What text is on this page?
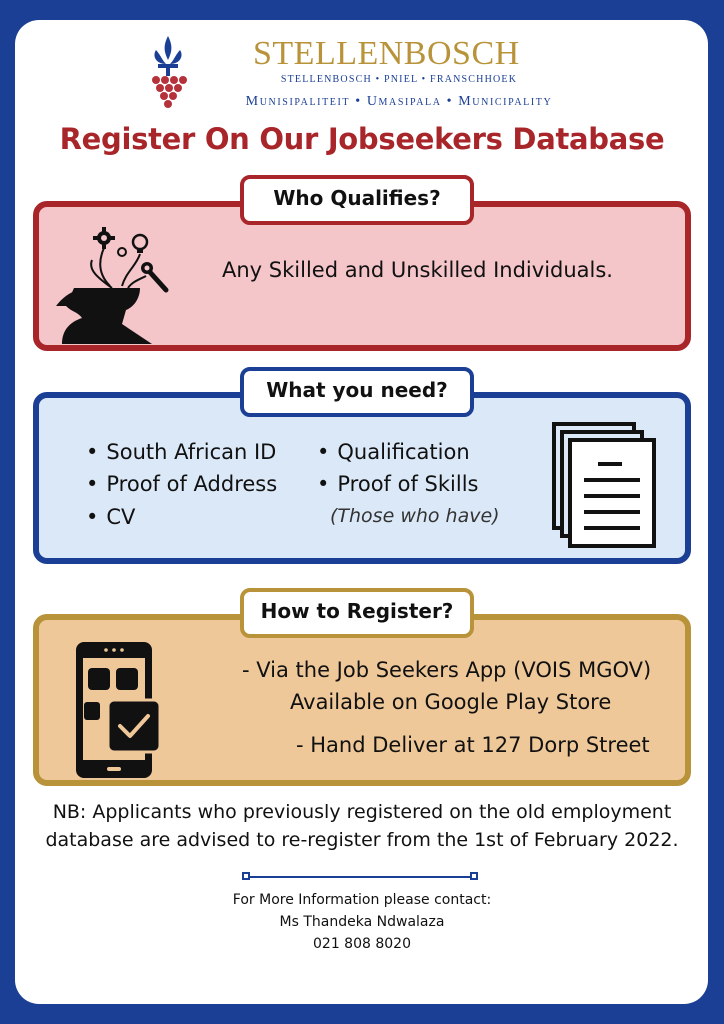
STELLENBOSCH
STELLENBOSCH • PNIEL • FRANSCHHOEK
Munisipaliteit • Umasipala • Municipality
Register On Our Jobseekers Database
Who Qualifies?
Any Skilled and Unskilled Individuals.
What you need?
• South African ID
• Proof of Address
• CV
• Qualification
• Proof of Skills
(Those who have)
How to Register?
- Via the Job Seekers App (VOIS MGOV)
Available on Google Play Store
- Hand Deliver at 127 Dorp Street
NB: Applicants who previously registered on the old employment
database are advised to re-register from the 1st of February 2022.
For More Information please contact:
Ms Thandeka Ndwalaza
021 808 8020
